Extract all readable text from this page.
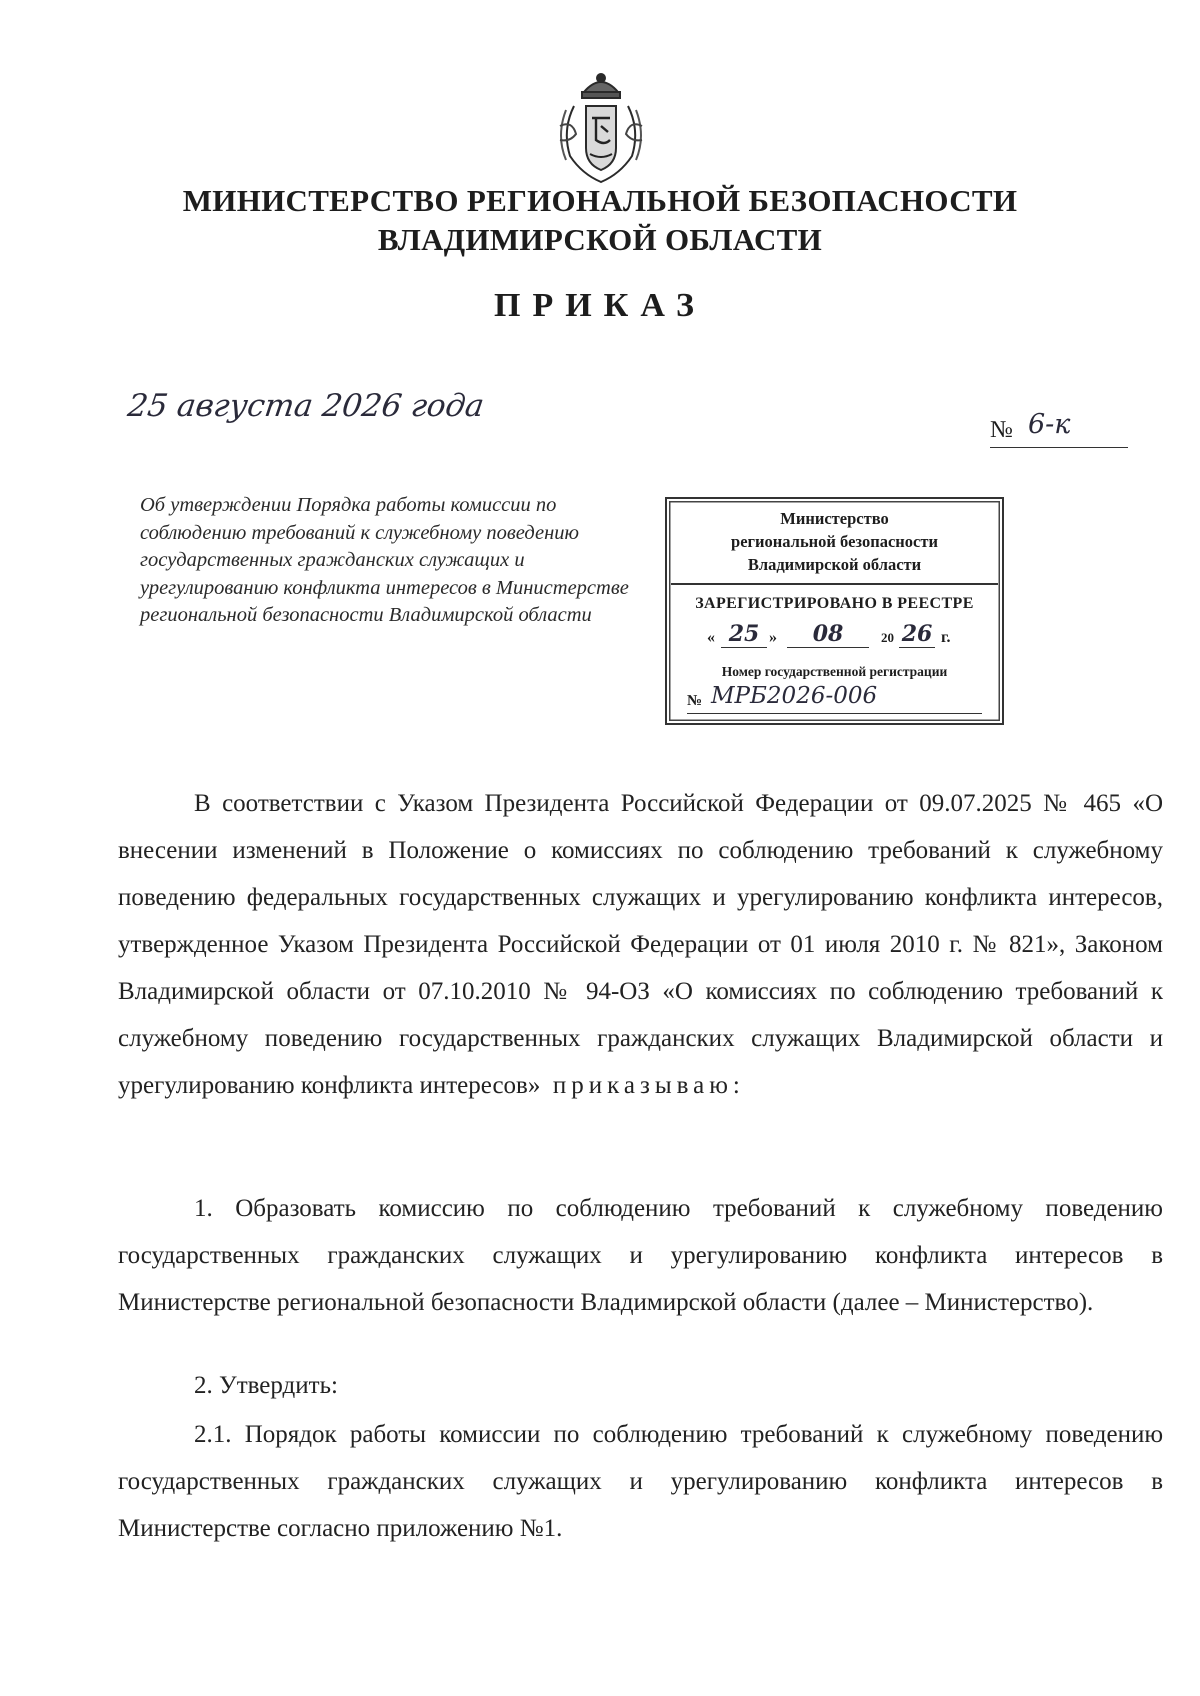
МИНИСТЕРСТВО РЕГИОНАЛЬНОЙ БЕЗОПАСНОСТИ
ВЛАДИМИРСКОЙ ОБЛАСТИ
ПРИКАЗ
25 августа 2026 года
№ 6-к
Об утверждении Порядка работы комиссии по соблюдению требований к служебному поведению государственных гражданских служащих и урегулированию конфликта интересов в Министерстве региональной безопасности Владимирской области
Министерство
региональной безопасности
Владимирской области
ЗАРЕГИСТРИРОВАНО В РЕЕСТРЕ
« 25 »	08	20 26 г.
Номер государственной регистрации
№ МРБ2026-006

В соответствии с Указом Президента Российской Федерации от 09.07.2025 № 465 «О внесении изменений в Положение о комиссиях по соблюдению требований к служебному поведению федеральных государственных служащих и урегулированию конфликта интересов, утвержденное Указом Президента Российской Федерации от 01 июля 2010 г. № 821», Законом Владимирской области от 07.10.2010 № 94-ОЗ «О комиссиях по соблюдению требований к служебному поведению государственных гражданских служащих Владимирской области и урегулированию конфликта интересов» приказываю:

1. Образовать комиссию по соблюдению требований к служебному поведению государственных гражданских служащих и урегулированию конфликта интересов в Министерстве региональной безопасности Владимирской области (далее – Министерство).

2. Утвердить:

2.1. Порядок работы комиссии по соблюдению требований к служебному поведению государственных гражданских служащих и урегулированию конфликта интересов в Министерстве согласно приложению №1.
